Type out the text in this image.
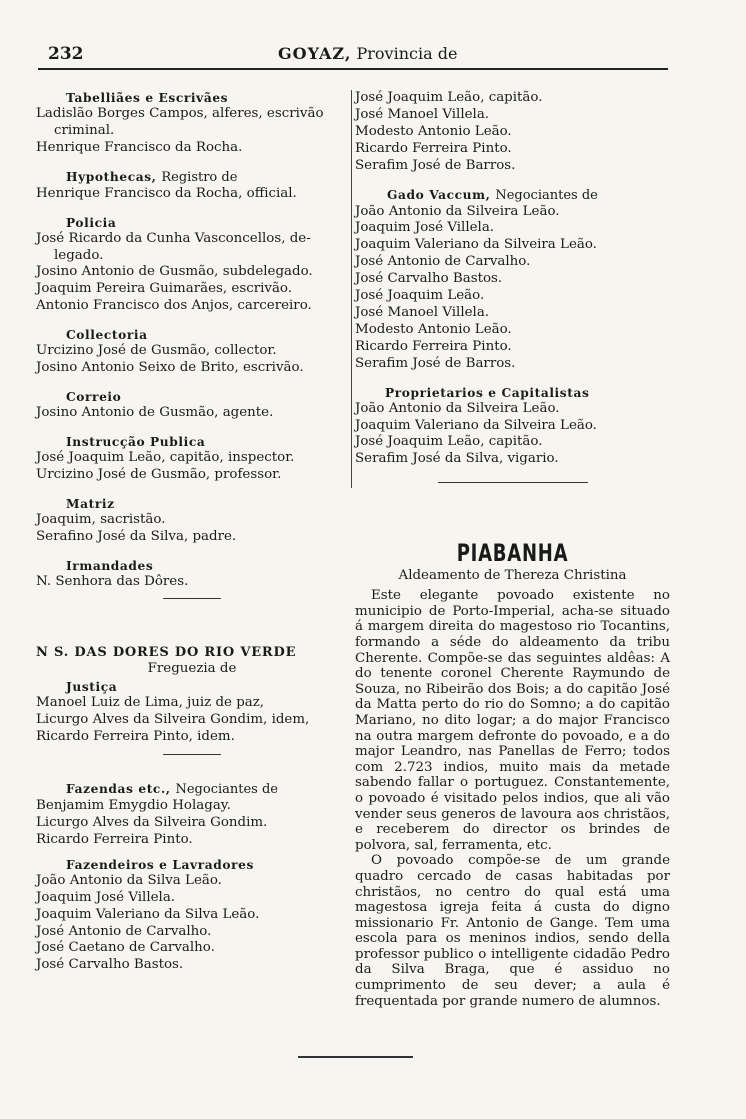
232	GOYAZ, Provincia de
Tabelliães e Escrivães
Ladislão Borges Campos, alferes, escrivão
criminal.
Henrique Francisco da Rocha.
Hypothecas, Registro de
Henrique Francisco da Rocha, official.
Policia
José Ricardo da Cunha Vasconcellos, de-
legado.
Josino Antonio de Gusmão, subdelegado.
Joaquim Pereira Guimarães, escrivão.
Antonio Francisco dos Anjos, carcereiro.
Collectoria
Urcizino José de Gusmão, collector.
Josino Antonio Seixo de Brito, escrivão.
Correio
Josino Antonio de Gusmão, agente.
Instrucção Publica
José Joaquim Leão, capitão, inspector.
Urcizino José de Gusmão, professor.
Matriz
Joaquim, sacristão.
Serafino José da Silva, padre.
Irmandades
N. Senhora das Dôres.
N S. DAS DORES DO RIO VERDE
Freguezia de
Justiça
Manoel Luiz de Lima, juiz de paz,
Licurgo Alves da Silveira Gondim, idem,
Ricardo Ferreira Pinto, idem.
Fazendas etc., Negociantes de
Benjamim Emygdio Holagay.
Licurgo Alves da Silveira Gondim.
Ricardo Ferreira Pinto.
Fazendeiros e Lavradores
João Antonio da Silva Leão.
Joaquim José Villela.
Joaquim Valeriano da Silva Leão.
José Antonio de Carvalho.
José Caetano de Carvalho.
José Carvalho Bastos.
José Joaquim Leão, capitão.
José Manoel Villela.
Modesto Antonio Leão.
Ricardo Ferreira Pinto.
Serafim José de Barros.
Gado Vaccum, Negociantes de
João Antonio da Silveira Leão.
Joaquim José Villela.
Joaquim Valeriano da Silveira Leão.
José Antonio de Carvalho.
José Carvalho Bastos.
José Joaquim Leão.
José Manoel Villela.
Modesto Antonio Leão.
Ricardo Ferreira Pinto.
Serafim José de Barros.
Proprietarios e Capitalistas
João Antonio da Silveira Leão.
Joaquim Valeriano da Silveira Leão.
José Joaquim Leão, capitão.
Serafim José da Silva, vigario.
PIABANHA
Aldeamento de Thereza Christina
Este elegante povoado existente no municipio de Porto-Imperial, acha-se situado á margem direita do magestoso rio Tocantins, formando a séde do aldeamento da tribu Cherente. Compõe-se das seguintes aldêas: A do tenente coronel Cherente Raymundo de Souza, no Ribeirão dos Bois; a do capitão José da Matta perto do rio do Somno; a do capitão Mariano, no dito logar; a do major Francisco na outra margem defronte do povoado, e a do major Leandro, nas Panellas de Ferro; todos com 2.723 indios, muito mais da metade sabendo fallar o portuguez. Constantemente, o povoado é visitado pelos indios, que ali vão vender seus generos de lavoura aos christãos, e receberem do director os brindes de polvora, sal, ferramenta, etc.
O povoado compõe-se de um grande quadro cercado de casas habitadas por christãos, no centro do qual está uma magestosa igreja feita á custa do digno missionario Fr. Antonio de Gange. Tem uma escola para os meninos indios, sendo della professor publico o intelligente cidadão Pedro da Silva Braga, que é assiduo no cumprimento de seu dever; a aula é frequentada por grande numero de alumnos.
